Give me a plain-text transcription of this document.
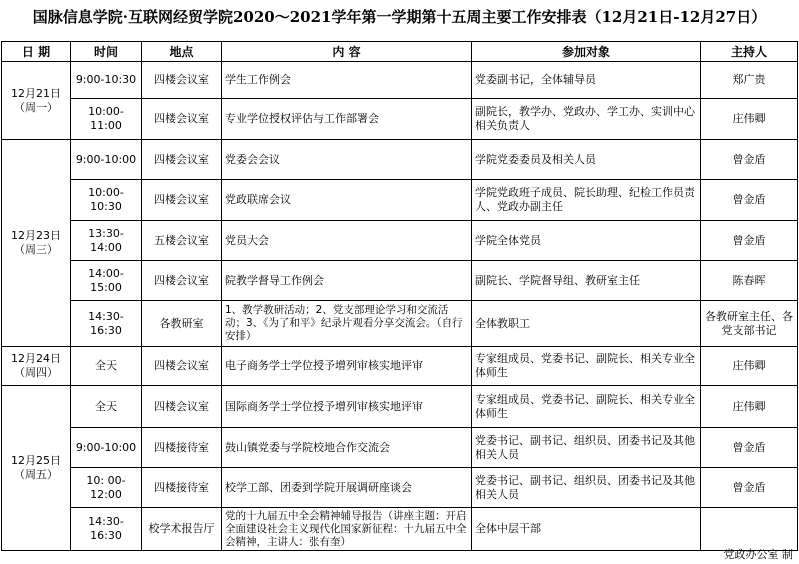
国脉信息学院·互联网经贸学院2020～2021学年第一学期第十五周主要工作安排表（12月21日-12月27日）
日 期	时间	地点	内 容	参加对象	主持人
12月21日
（周一）	9:00-10:30	四楼会议室	学生工作例会	党委副书记，全体辅导员	郑广贵
	10:00-11:00	四楼会议室	专业学位授权评估与工作部署会	副院长，教学办、党政办、学工办、实训中心相关负责人	庄伟卿
12月23日
（周三）	9:00-10:00	四楼会议室	党委会会议	学院党委委员及相关人员	曾金盾
	10:00-10:30	四楼会议室	党政联席会议	学院党政班子成员、院长助理、纪检工作员责人、党政办副主任	曾金盾
	13:30-14:00	五楼会议室	党员大会	学院全体党员	曾金盾
	14:00-15:00	四楼会议室	院教学督导工作例会	副院长、学院督导组、教研室主任	陈春晖
	14:30-16:30	各教研室	1、教学教研活动；2、党支部理论学习和交流活动；3、《为了和平》纪录片观看分享交流会。（自行安排）	全体教职工	各教研室主任、各党支部书记
12月24日
（周四）	全天	四楼会议室	电子商务学士学位授予增列审核实地评审	专家组成员、党委书记、副院长、相关专业全体师生	庄伟卿
12月25日
（周五）	全天	四楼会议室	国际商务学士学位授予增列审核实地评审	专家组成员、党委书记、副院长、相关专业全体师生	庄伟卿
	9:00-10:00	四楼接待室	鼓山镇党委与学院校地合作交流会	党委书记、副书记、组织员、团委书记及其他相关人员	曾金盾
	10: 00-12:00	四楼接待室	校学工部、团委到学院开展调研座谈会	党委书记、副书记、组织员、团委书记及其他相关人员	曾金盾
	14:30-16:30	校学术报告厅	党的十九届五中全会精神辅导报告（讲座主题：开启全面建设社会主义现代化国家新征程：十九届五中全会精神，主讲人：张有奎）	全体中层干部	
党政办公室 制
